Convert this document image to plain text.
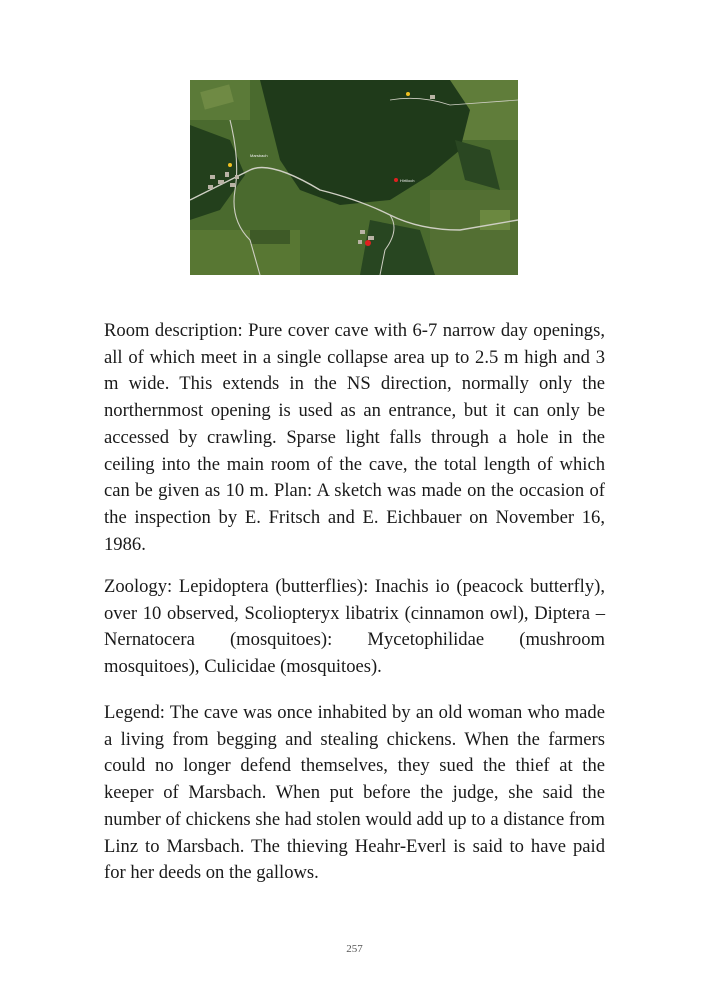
Hirtlloch
Marsbach

Room description: Pure cover cave with 6-7 narrow day openings, all of which meet in a single collapse area up to 2.5 m high and 3 m wide. This extends in the NS direction, normally only the northernmost opening is used as an entrance, but it can only be accessed by crawling. Sparse light falls through a hole in the ceiling into the main room of the cave, the total length of which can be given as 10 m. Plan: A sketch was made on the occasion of the inspection by E. Fritsch and E. Eichbauer on November 16, 1986.

Zoology: Lepidoptera (butterflies): Inachis io (peacock butterfly), over 10 observed, Scoliopteryx libatrix (cinnamon owl), Diptera – Nernatocera (mosquitoes): Mycetophilidae (mushroom mosquitoes), Culicidae (mosquitoes).

Legend: The cave was once inhabited by an old woman who made a living from begging and stealing chickens. When the farmers could no longer defend themselves, they sued the thief at the keeper of Marsbach. When put before the judge, she said the number of chickens she had stolen would add up to a distance from Linz to Marsbach. The thieving Heahr-Everl is said to have paid for her deeds on the gallows.

257
